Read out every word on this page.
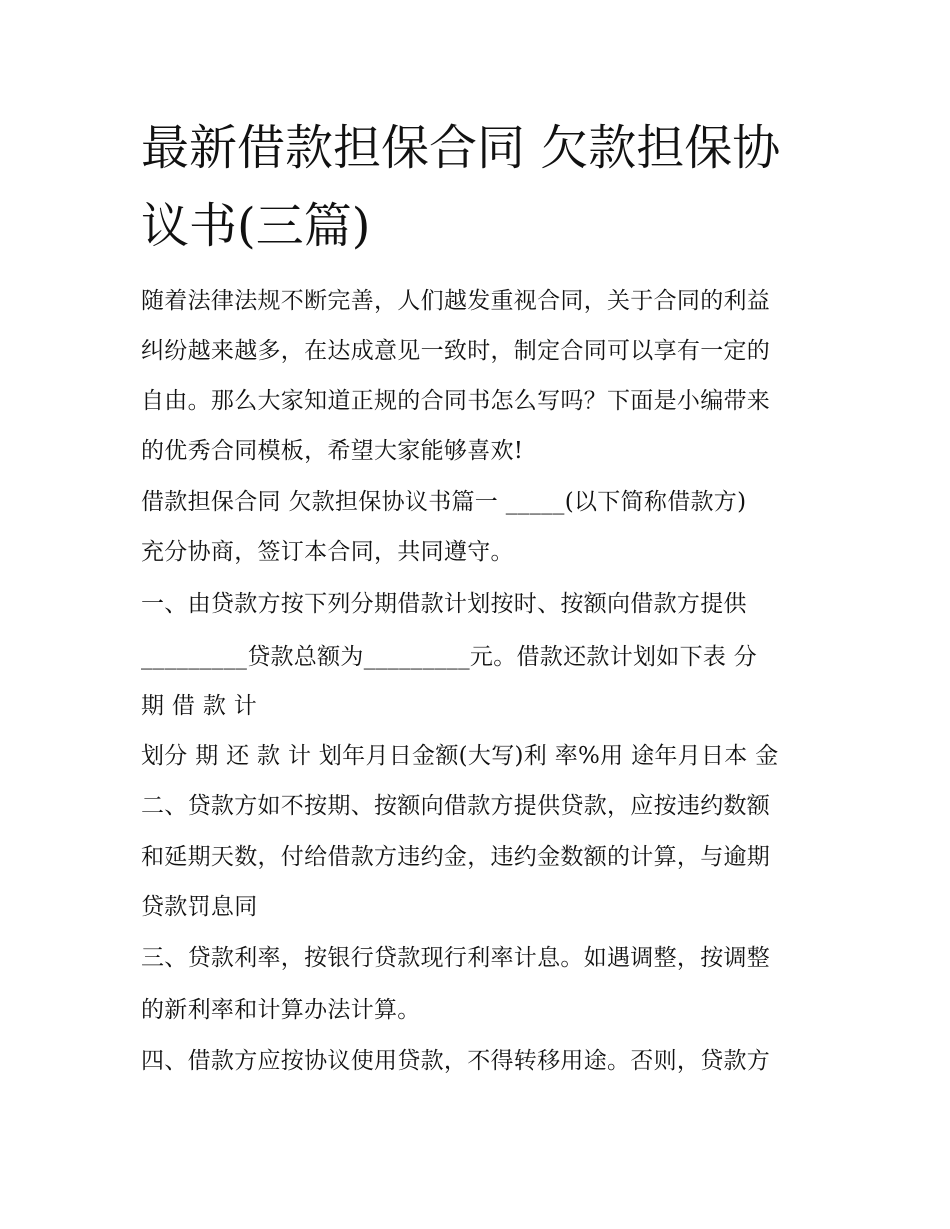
最新借款担保合同 欠款担保协
议书(三篇)
随着法律法规不断完善，人们越发重视合同，关于合同的利益
纠纷越来越多，在达成意见一致时，制定合同可以享有一定的
自由。那么大家知道正规的合同书怎么写吗？下面是小编带来
的优秀合同模板，希望大家能够喜欢!
借款担保合同 欠款担保协议书篇一 _____(以下简称借款方)
充分协商，签订本合同，共同遵守。
一、由贷款方按下列分期借款计划按时、按额向借款方提供
_________贷款总额为_________元。借款还款计划如下表 分
期 借 款 计
划分 期 还 款 计 划年月日金额(大写)利 率%用 途年月日本 金
二、贷款方如不按期、按额向借款方提供贷款，应按违约数额
和延期天数，付给借款方违约金，违约金数额的计算，与逾期
贷款罚息同
三、贷款利率，按银行贷款现行利率计息。如遇调整，按调整
的新利率和计算办法计算。
四、借款方应按协议使用贷款，不得转移用途。否则，贷款方
